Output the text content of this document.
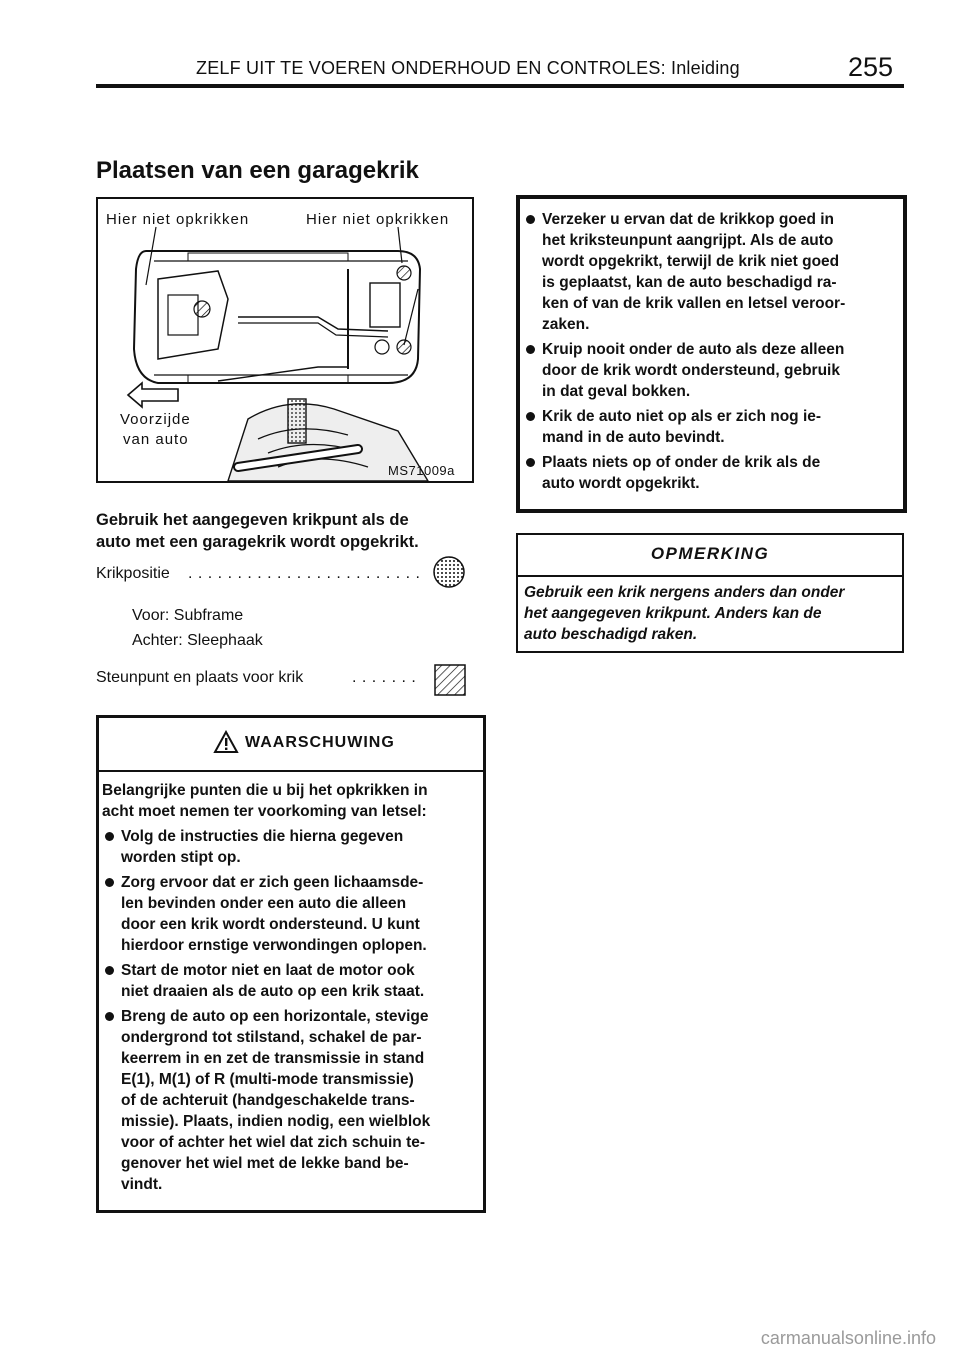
ZELF UIT TE VOEREN ONDERHOUD EN CONTROLES: Inleiding	255
Plaatsen van een garagekrik
Hier niet opkrikken	Hier niet opkrikken
Voorzijde
van auto
MS71009a
Gebruik het aangegeven krikpunt als de
auto met een garagekrik wordt opgekrikt.
Krikpositie . . . . . . . . . . . . . . . . . . . . . . . .
Voor: Subframe
Achter: Sleephaak
Steunpunt en plaats voor krik	. . . . . . .
WAARSCHUWING
Belangrijke punten die u bij het opkrikken in
acht moet nemen ter voorkoming van letsel:
Volg de instructies die hierna gegeven
worden stipt op.
Zorg ervoor dat er zich geen lichaamsde-
len bevinden onder een auto die alleen
door een krik wordt ondersteund. U kunt
hierdoor ernstige verwondingen oplopen.
Start de motor niet en laat de motor ook
niet draaien als de auto op een krik staat.
Breng de auto op een horizontale, stevige
ondergrond tot stilstand, schakel de par-
keerrem in en zet de transmissie in stand
E(1), M(1) of R (multi-mode transmissie)
of de achteruit (handgeschakelde trans-
missie). Plaats, indien nodig, een wielblok
voor of achter het wiel dat zich schuin te-
genover het wiel met de lekke band be-
vindt.
Verzeker u ervan dat de krikkop goed in
het kriksteunpunt aangrijpt. Als de auto
wordt opgekrikt, terwijl de krik niet goed
is geplaatst, kan de auto beschadigd ra-
ken of van de krik vallen en letsel veroor-
zaken.
Kruip nooit onder de auto als deze alleen
door de krik wordt ondersteund, gebruik
in dat geval bokken.
Krik de auto niet op als er zich nog ie-
mand in de auto bevindt.
Plaats niets op of onder de krik als de
auto wordt opgekrikt.
OPMERKING
Gebruik een krik nergens anders dan onder
het aangegeven krikpunt. Anders kan de
auto beschadigd raken.
carmanualsonline.info
